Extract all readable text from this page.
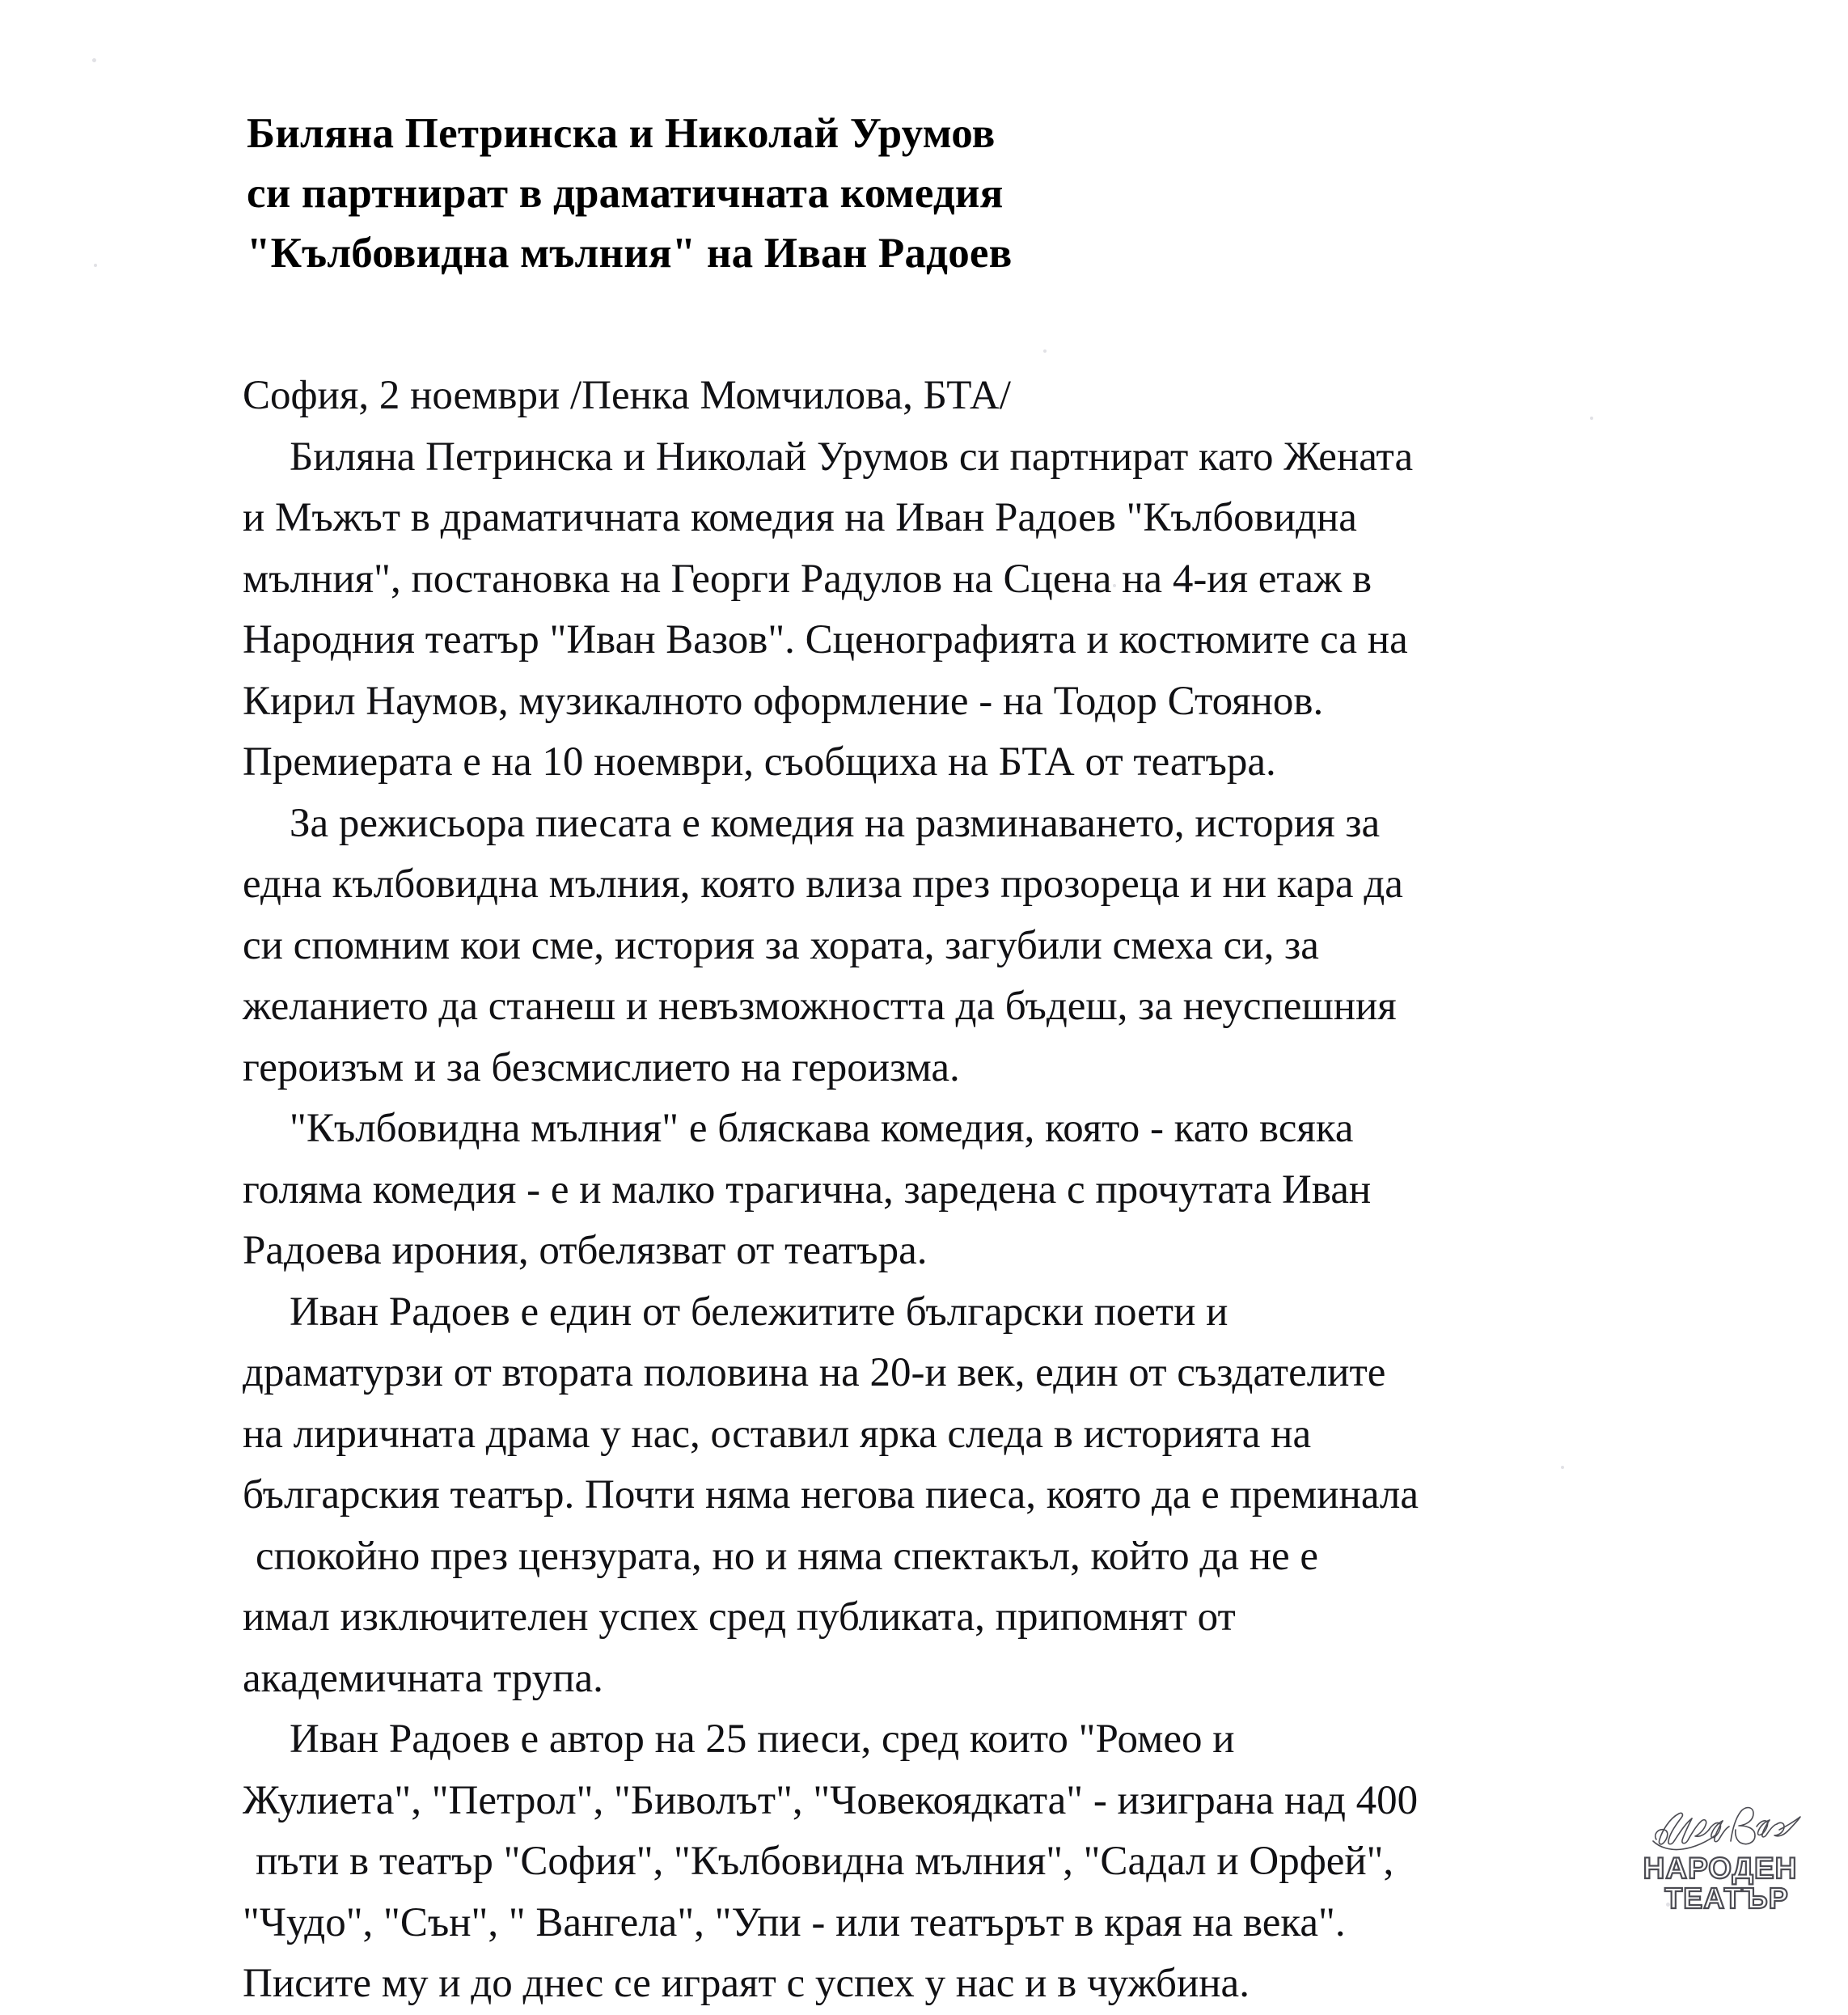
Биляна Петринска и Николай Урумов
си партнират в драматичната комедия
"Кълбовидна мълния" на Иван Радоев

София, 2 ноември /Пенка Момчилова, БТА/

Биляна Петринска и Николай Урумов си партнират като Жената
и Мъжът в драматичната комедия на Иван Радоев "Кълбовидна
мълния", постановка на Георги Радулов на Сцена на 4-ия етаж в
Народния театър "Иван Вазов". Сценографията и костюмите са на
Кирил Наумов, музикалното оформление - на Тодор Стоянов.
Премиерата е на 10 ноември, съобщиха на БТА от театъра.

За режисьора пиесата е комедия на разминаването, история за
една кълбовидна мълния, която влиза през прозореца и ни кара да
си спомним кои сме, история за хората, загубили смеха си, за
желанието да станеш и невъзможността да бъдеш, за неуспешния
героизъм и за безсмислието на героизма.

"Кълбовидна мълния" е бляскава комедия, която - като всяка
голяма комедия - е и малко трагична, заредена с прочутата Иван
Радоева ирония, отбелязват от театъра.

Иван Радоев е един от бележитите български поети и
драматурзи от втората половина на 20-и век, един от създателите
на лиричната драма у нас, оставил ярка следа в историята на
българския театър. Почти няма негова пиеса, която да е преминала
спокойно през цензурата, но и няма спектакъл, който да не е
имал изключителен успех сред публиката, припомнят от
академичната трупа.

Иван Радоев е автор на 25 пиеси, сред които "Ромео и
Жулиета", "Петрол", "Биволът", "Човекоядката" - изиграна над 400
пъти в театър "София", "Кълбовидна мълния", "Садал и Орфей",
"Чудо", "Сън", " Вангела", "Упи - или театърът в края на века".
Писите му и до днес се играят с успех у нас и в чужбина.

НАРОДЕН
ТЕАТЪР
